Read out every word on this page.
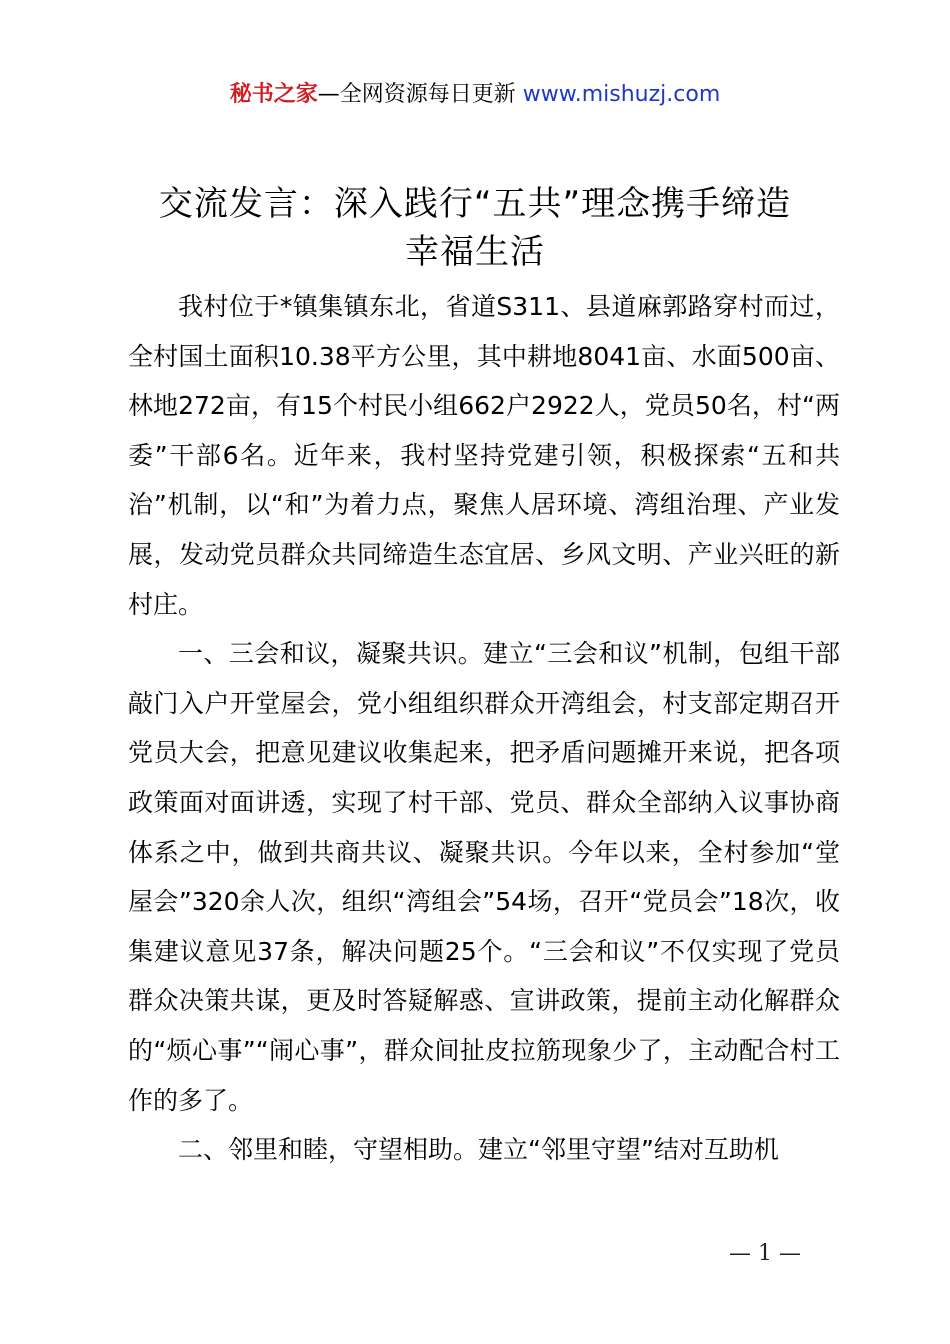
秘书之家—全网资源每日更新 www.mishuzj.com
交流发言：深入践行“五共”理念携手缔造
幸福生活

我村位于*镇集镇东北，省道S311、县道麻郭路穿村而过，全村国土面积10.38平方公里，其中耕地8041亩、水面500亩、林地272亩，有15个村民小组662户2922人，党员50名，村“两委”干部6名。近年来，我村坚持党建引领，积极探索“五和共治”机制，以“和”为着力点，聚焦人居环境、湾组治理、产业发展，发动党员群众共同缔造生态宜居、乡风文明、产业兴旺的新村庄。

一、三会和议，凝聚共识。建立“三会和议”机制，包组干部敲门入户开堂屋会，党小组组织群众开湾组会，村支部定期召开党员大会，把意见建议收集起来，把矛盾问题摊开来说，把各项政策面对面讲透，实现了村干部、党员、群众全部纳入议事协商体系之中，做到共商共议、凝聚共识。今年以来，全村参加“堂屋会”320余人次，组织“湾组会”54场，召开“党员会”18次，收集建议意见37条，解决问题25个。“三会和议”不仅实现了党员群众决策共谋，更及时答疑解惑、宣讲政策，提前主动化解群众的“烦心事”“闹心事”，群众间扯皮拉筋现象少了，主动配合村工作的多了。

二、邻里和睦，守望相助。建立“邻里守望”结对互助机

— 1 —
